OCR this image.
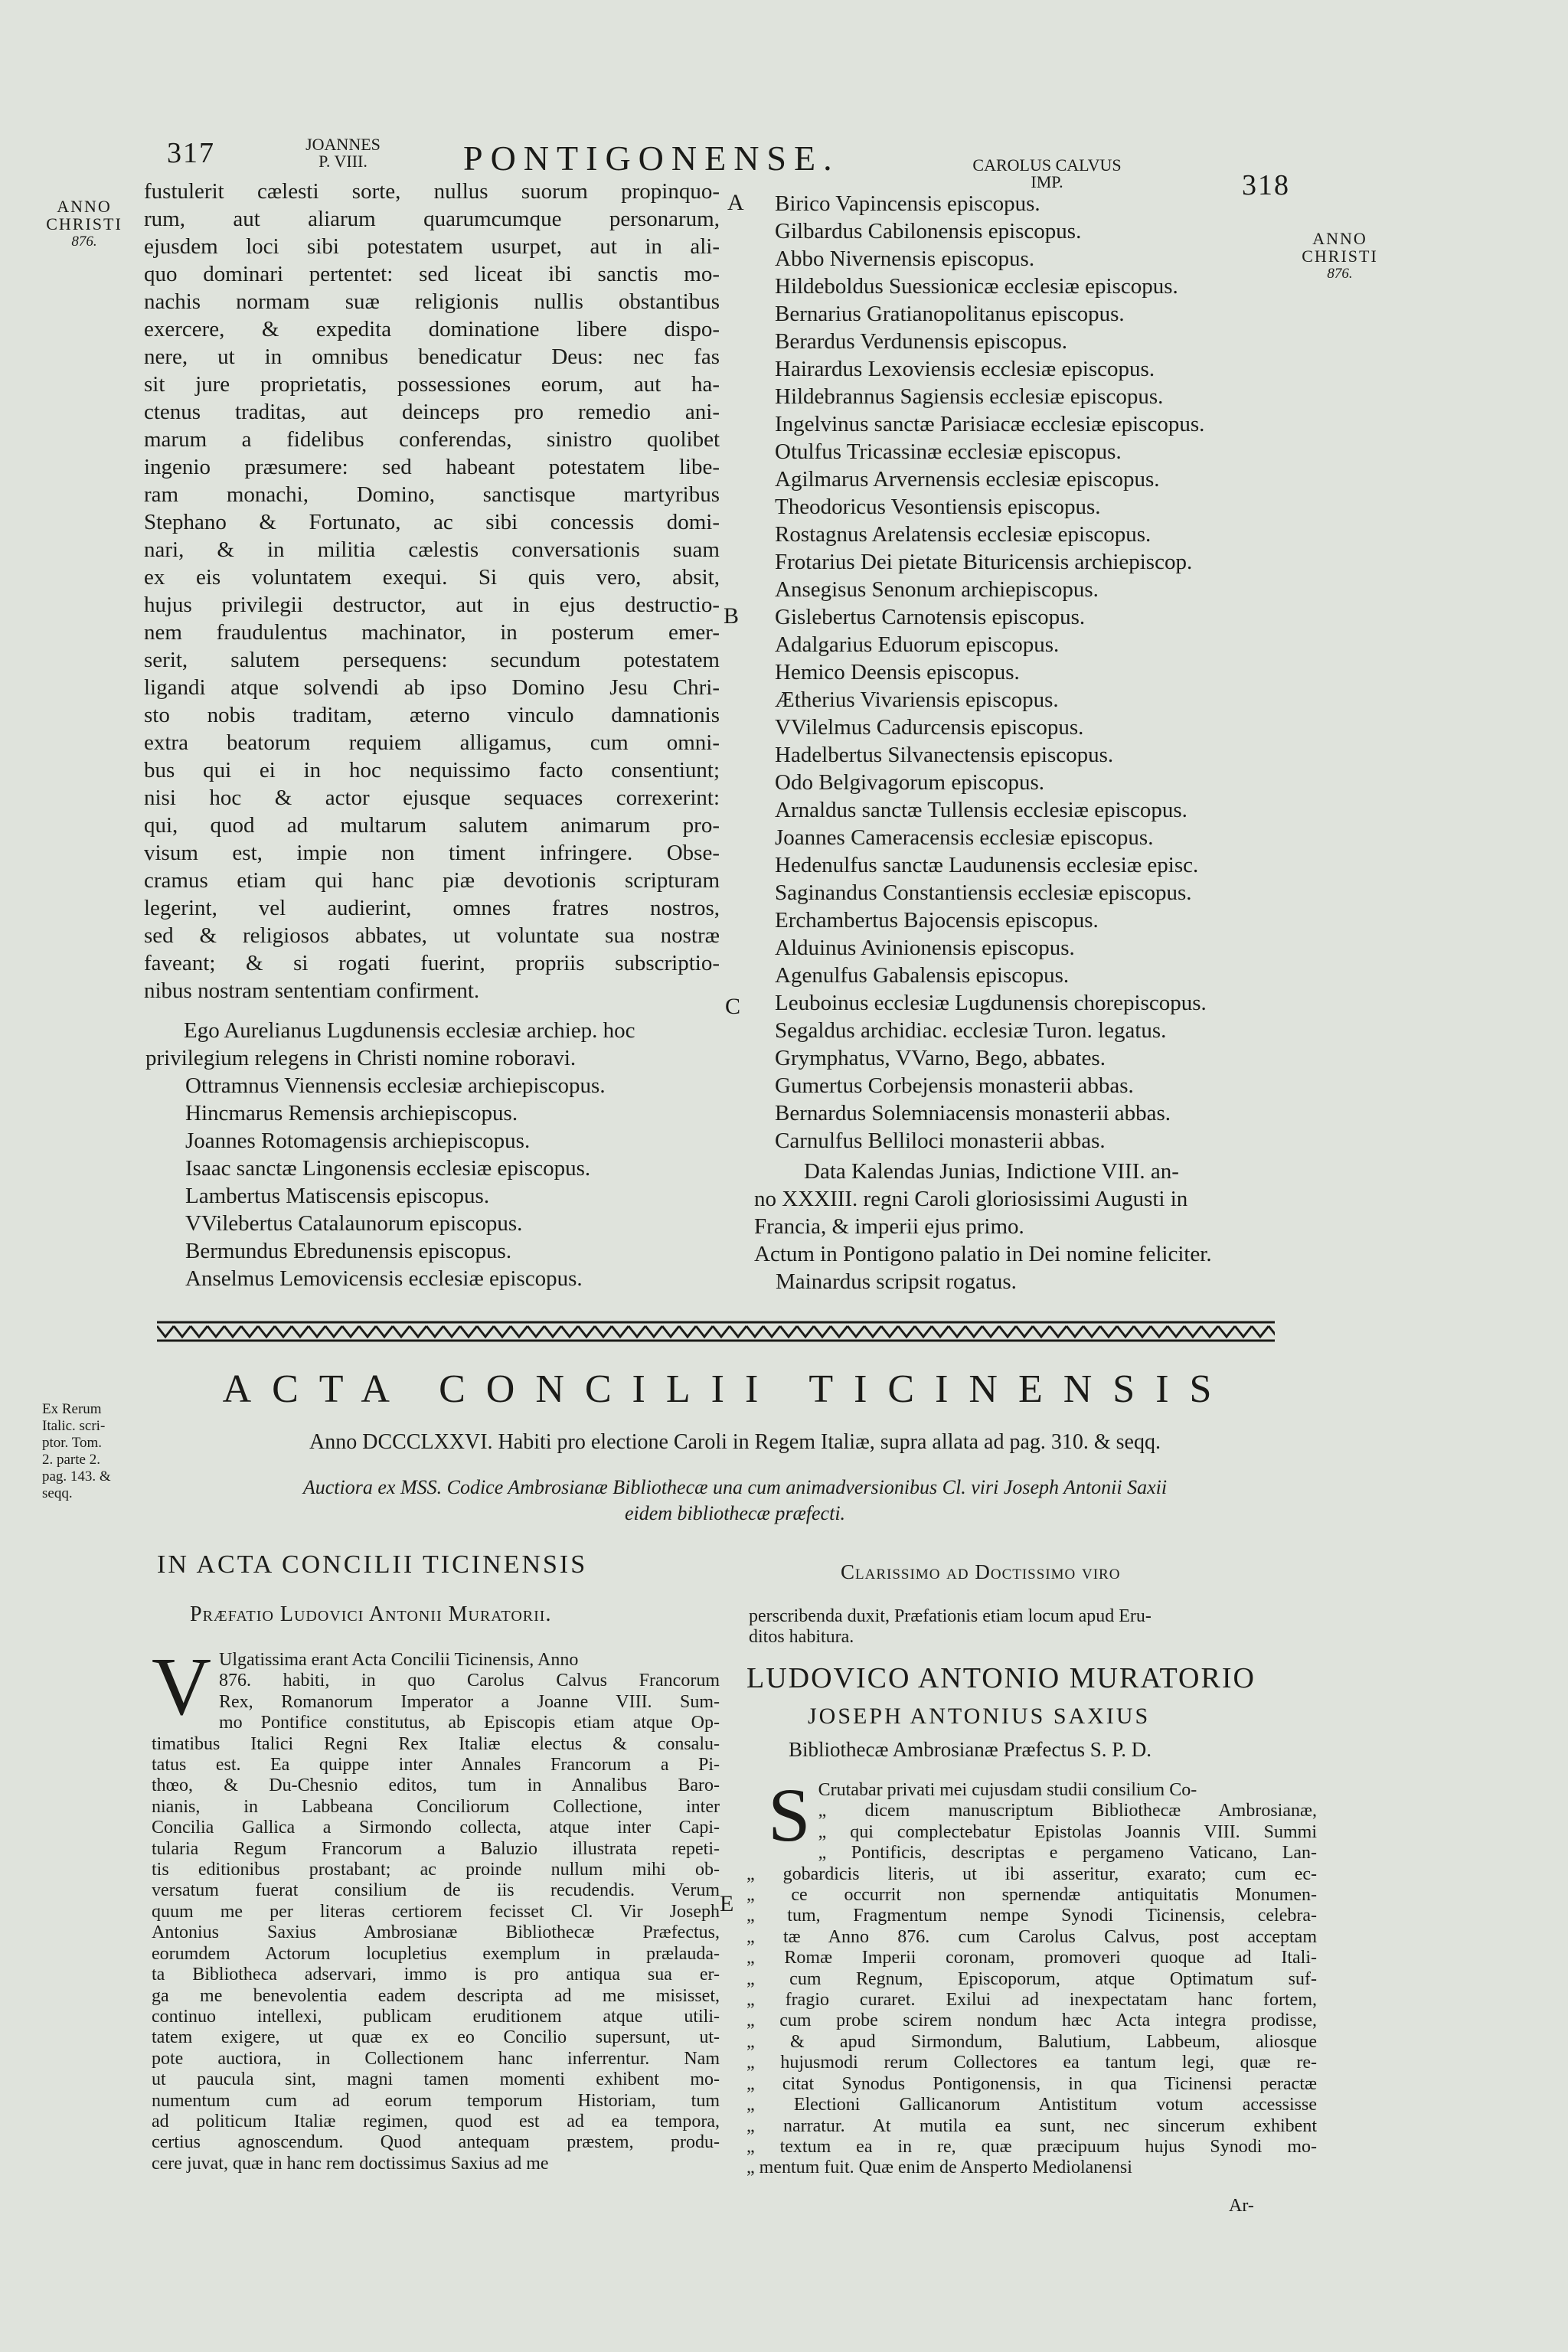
317	JOANNES
P. VIII.	PONTIGONENSE.	CAROLUS CALVUS
IMP.	318
ANNO
CHRISTI
876.	ANNO
CHRISTI
876.
fustulerit cælesti sorte, nullus suorum propinquo-
rum, aut aliarum quarumcumque personarum,
ejusdem loci sibi potestatem usurpet, aut in ali-
quo dominari pertentet: sed liceat ibi sanctis mo-
nachis normam suæ religionis nullis obstantibus
exercere, & expedita dominatione libere dispo-
nere, ut in omnibus benedicatur Deus: nec fas
sit jure proprietatis, possessiones eorum, aut ha-
ctenus traditas, aut deinceps pro remedio ani-
marum a fidelibus conferendas, sinistro quolibet
ingenio præsumere: sed habeant potestatem libe-
ram monachi, Domino, sanctisque martyribus
Stephano & Fortunato, ac sibi concessis domi-
nari, & in militia cælestis conversationis suam
ex eis voluntatem exequi. Si quis vero, absit,
hujus privilegii destructor, aut in ejus destructio-
nem fraudulentus machinator, in posterum emer-
serit, salutem persequens: secundum potestatem
ligandi atque solvendi ab ipso Domino Jesu Chri-
sto nobis traditam, æterno vinculo damnationis
extra beatorum requiem alligamus, cum omni-
bus qui ei in hoc nequissimo facto consentiunt;
nisi hoc & actor ejusque sequaces correxerint:
qui, quod ad multarum salutem animarum pro-
visum est, impie non timent infringere. Obse-
cramus etiam qui hanc piæ devotionis scripturam
legerint, vel audierint, omnes fratres nostros,
sed & religiosos abbates, ut voluntate sua nostræ
faveant; & si rogati fuerint, propriis subscriptio-
nibus nostram sententiam confirment.
Ego Aurelianus Lugdunensis ecclesiæ archiep. hoc
privilegium relegens in Christi nomine roboravi.
Ottramnus Viennensis ecclesiæ archiepiscopus.
Hincmarus Remensis archiepiscopus.
Joannes Rotomagensis archiepiscopus.
Isaac sanctæ Lingonensis ecclesiæ episcopus.
Lambertus Matiscensis episcopus.
VVilebertus Catalaunorum episcopus.
Bermundus Ebredunensis episcopus.
Anselmus Lemovicensis ecclesiæ episcopus.
A
B
C
Birico Vapincensis episcopus.
Gilbardus Cabilonensis episcopus.
Abbo Nivernensis episcopus.
Hildeboldus Suessionicæ ecclesiæ episcopus.
Bernarius Gratianopolitanus episcopus.
Berardus Verdunensis episcopus.
Hairardus Lexoviensis ecclesiæ episcopus.
Hildebrannus Sagiensis ecclesiæ episcopus.
Ingelvinus sanctæ Parisiacæ ecclesiæ episcopus.
Otulfus Tricassinæ ecclesiæ episcopus.
Agilmarus Arvernensis ecclesiæ episcopus.
Theodoricus Vesontiensis episcopus.
Rostagnus Arelatensis ecclesiæ episcopus.
Frotarius Dei pietate Bituricensis archiepiscop.
Ansegisus Senonum archiepiscopus.
Gislebertus Carnotensis episcopus.
Adalgarius Eduorum episcopus.
Hemico Deensis episcopus.
Ætherius Vivariensis episcopus.
VVilelmus Cadurcensis episcopus.
Hadelbertus Silvanectensis episcopus.
Odo Belgivagorum episcopus.
Arnaldus sanctæ Tullensis ecclesiæ episcopus.
Joannes Cameracensis ecclesiæ episcopus.
Hedenulfus sanctæ Laudunensis ecclesiæ episc.
Saginandus Constantiensis ecclesiæ episcopus.
Erchambertus Bajocensis episcopus.
Alduinus Avinionensis episcopus.
Agenulfus Gabalensis episcopus.
Leuboinus ecclesiæ Lugdunensis chorepiscopus.
Segaldus archidiac. ecclesiæ Turon. legatus.
Grymphatus, VVarno, Bego, abbates.
Gumertus Corbejensis monasterii abbas.
Bernardus Solemniacensis monasterii abbas.
Carnulfus Belliloci monasterii abbas.
Data Kalendas Junias, Indictione VIII. an-
no XXXIII. regni Caroli gloriosissimi Augusti in
Francia, & imperii ejus primo.
Actum in Pontigono palatio in Dei nomine feliciter.
Mainardus scripsit rogatus.
Ex Rerum
Italic. scri-
ptor. Tom.
2. parte 2.
pag. 143. &
seqq.
ACTA CONCILII TICINENSIS
Anno DCCCLXXVI. Habiti pro electione Caroli in Regem Italiæ, supra allata ad pag. 310. & seqq.
Auctiora ex MSS. Codice Ambrosianæ Bibliothecæ una cum animadversionibus Cl. viri Joseph Antonii Saxii
eidem bibliothecæ præfecti.
IN ACTA CONCILII TICINENSIS
Præfatio Ludovici Antonii Muratorii.
V Ulgatissima erant Acta Concilii Ticinensis, Anno
876. habiti, in quo Carolus Calvus Francorum
Rex, Romanorum Imperator a Joanne VIII. Sum-
mo Pontifice constitutus, ab Episcopis etiam atque Op-
timatibus Italici Regni Rex Italiæ electus & consalu-
tatus est. Ea quippe inter Annales Francorum a Pi-
thœo, & Du-Chesnio editos, tum in Annalibus Baro-
nianis, in Labbeana Conciliorum Collectione, inter
Concilia Gallica a Sirmondo collecta, atque inter Capi-
tularia Regum Francorum a Baluzio illustrata repeti-
tis editionibus prostabant; ac proinde nullum mihi ob-
versatum fuerat consilium de iis recudendis. Verum
quum me per literas certiorem fecisset Cl. Vir Joseph
Antonius Saxius Ambrosianæ Bibliothecæ Præfectus,
eorumdem Actorum locupletius exemplum in prælauda-
ta Bibliotheca adservari, immo is pro antiqua sua er-
ga me benevolentia eadem descripta ad me misisset,
continuo intellexi, publicam eruditionem atque utili-
tatem exigere, ut quæ ex eo Concilio supersunt, ut-
pote auctiora, in Collectionem hanc inferrentur. Nam
ut paucula sint, magni tamen momenti exhibent mo-
numentum cum ad eorum temporum Historiam, tum
ad politicum Italiæ regimen, quod est ad ea tempora,
certius agnoscendum. Quod antequam præstem, produ-
cere juvat, quæ in hanc rem doctissimus Saxius ad me
E
Clarissimo ad Doctissimo viro
perscribenda duxit, Præfationis etiam locum apud Eru-
ditos habitura.
LUDOVICO ANTONIO MURATORIO
JOSEPH ANTONIUS SAXIUS
Bibliothecæ Ambrosianæ Præfectus S. P. D.
S Crutabar privati mei cujusdam studii consilium Co-
„ dicem manuscriptum Bibliothecæ Ambrosianæ,
„ qui complectebatur Epistolas Joannis VIII. Summi
„ Pontificis, descriptas e pergameno Vaticano, Lan-
„ gobardicis literis, ut ibi asseritur, exarato; cum ec-
„ ce occurrit non spernendæ antiquitatis Monumen-
„ tum, Fragmentum nempe Synodi Ticinensis, celebra-
„ tæ Anno 876. cum Carolus Calvus, post acceptam
„ Romæ Imperii coronam, promoveri quoque ad Itali-
„ cum Regnum, Episcoporum, atque Optimatum suf-
„ fragio curaret. Exilui ad inexpectatam hanc fortem,
„ cum probe scirem nondum hæc Acta integra prodisse,
„ & apud Sirmondum, Balutium, Labbeum, aliosque
„ hujusmodi rerum Collectores ea tantum legi, quæ re-
„ citat Synodus Pontigonensis, in qua Ticinensi peractæ
„ Electioni Gallicanorum Antistitum votum accessisse
„ narratur. At mutila ea sunt, nec sincerum exhibent
„ textum ea in re, quæ præcipuum hujus Synodi mo-
„ mentum fuit. Quæ enim de Ansperto Mediolanensi
Ar-
